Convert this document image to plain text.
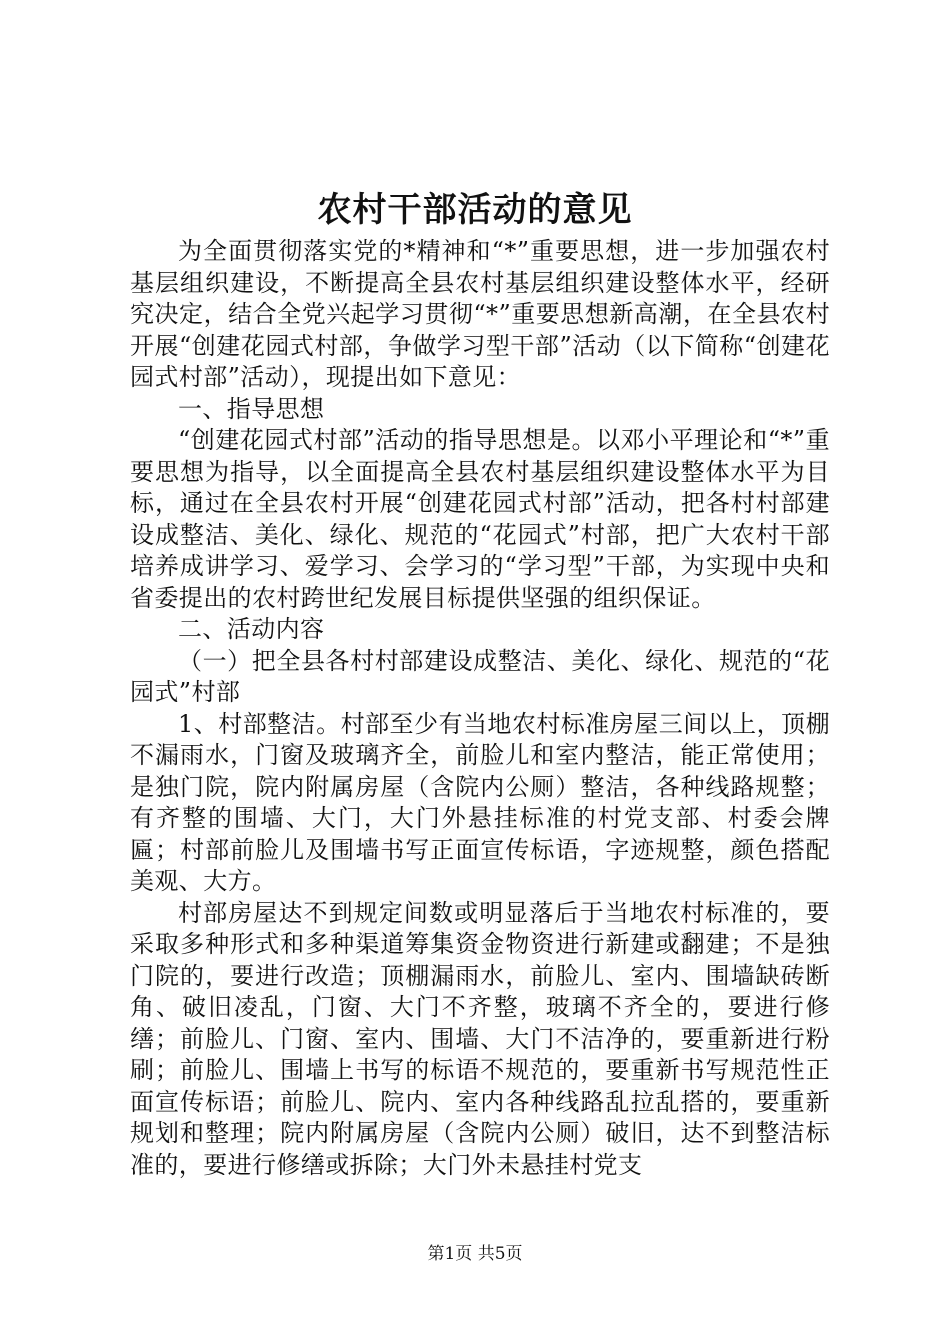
农村干部活动的意见

为全面贯彻落实党的*精神和“*”重要思想，进一步加强农村基层组织建设，不断提高全县农村基层组织建设整体水平，经研究决定，结合全党兴起学习贯彻“*”重要思想新高潮，在全县农村开展“创建花园式村部，争做学习型干部”活动（以下简称“创建花园式村部”活动），现提出如下意见：

一、指导思想

“创建花园式村部”活动的指导思想是。以邓小平理论和“*”重要思想为指导，以全面提高全县农村基层组织建设整体水平为目标，通过在全县农村开展“创建花园式村部”活动，把各村村部建设成整洁、美化、绿化、规范的“花园式”村部，把广大农村干部培养成讲学习、爱学习、会学习的“学习型”干部，为实现中央和省委提出的农村跨世纪发展目标提供坚强的组织保证。

二、活动内容

（一）把全县各村村部建设成整洁、美化、绿化、规范的“花园式”村部

1、村部整洁。村部至少有当地农村标准房屋三间以上，顶棚不漏雨水，门窗及玻璃齐全，前脸儿和室内整洁，能正常使用；是独门院，院内附属房屋（含院内公厕）整洁，各种线路规整；有齐整的围墙、大门，大门外悬挂标准的村党支部、村委会牌匾；村部前脸儿及围墙书写正面宣传标语，字迹规整，颜色搭配美观、大方。

村部房屋达不到规定间数或明显落后于当地农村标准的，要采取多种形式和多种渠道筹集资金物资进行新建或翻建；不是独门院的，要进行改造；顶棚漏雨水，前脸儿、室内、围墙缺砖断角、破旧凌乱，门窗、大门不齐整，玻璃不齐全的，要进行修缮；前脸儿、门窗、室内、围墙、大门不洁净的，要重新进行粉刷；前脸儿、围墙上书写的标语不规范的，要重新书写规范性正面宣传标语；前脸儿、院内、室内各种线路乱拉乱搭的，要重新规划和整理；院内附属房屋（含院内公厕）破旧，达不到整洁标准的，要进行修缮或拆除；大门外未悬挂村党支

第1页 共5页
